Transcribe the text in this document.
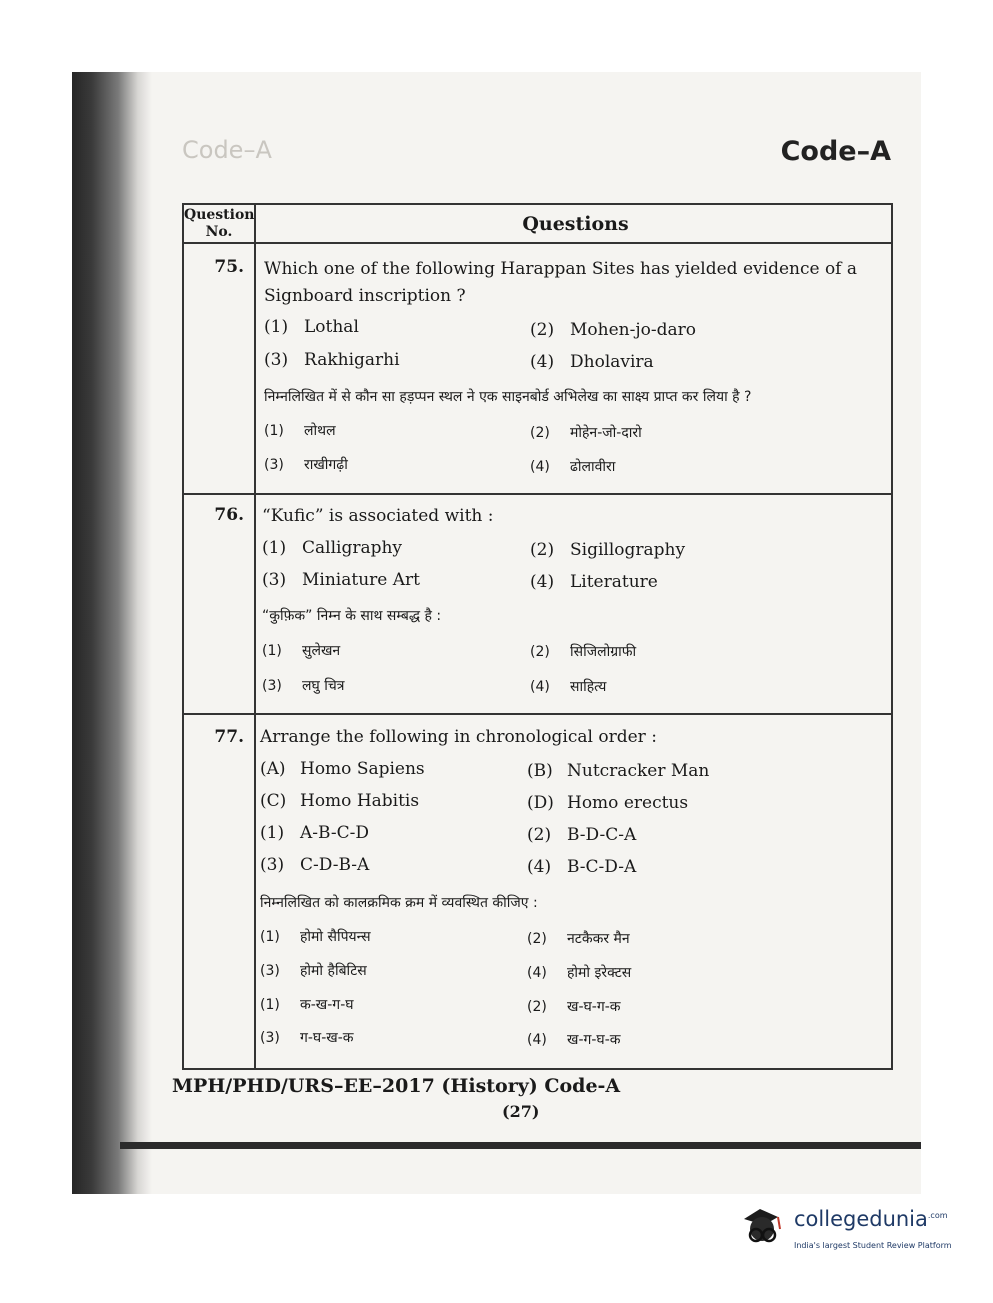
Code–A	Code–A
Question No.	Questions
75. Which one of the following Harappan Sites has yielded evidence of a
Signboard inscription ?
(1) Lothal	(2) Mohen-jo-daro
(3) Rakhigarhi	(4) Dholavira
निम्नलिखित में से कौन सा हड़प्पन स्थल ने एक साइनबोर्ड अभिलेख का साक्ष्य प्राप्त कर लिया है ?
(1) लोथल	(2) मोहेन-जो-दारो
(3) राखीगढ़ी	(4) ढोलावीरा
76. “Kufic” is associated with :
(1) Calligraphy	(2) Sigillography
(3) Miniature Art	(4) Literature
“कुफ़िक” निम्न के साथ सम्बद्ध है :
(1) सुलेखन	(2) सिजिलोग्राफी
(3) लघु चित्र	(4) साहित्य
77. Arrange the following in chronological order :
(A) Homo Sapiens	(B) Nutcracker Man
(C) Homo Habitis	(D) Homo erectus
(1) A-B-C-D	(2) B-D-C-A
(3) C-D-B-A	(4) B-C-D-A
निम्नलिखित को कालक्रमिक क्रम में व्यवस्थित कीजिए :
(1) होमो सैपियन्स	(2) नटकैकर मैन
(3) होमो हैबिटिस	(4) होमो इरेक्टस
(1) क-ख-ग-घ	(2) ख-घ-ग-क
(3) ग-घ-ख-क	(4) ख-ग-घ-क
MPH/PHD/URS–EE–2017 (History) Code-A
(27)
collegedunia$^{.com}$
India's largest Student Review Platform
